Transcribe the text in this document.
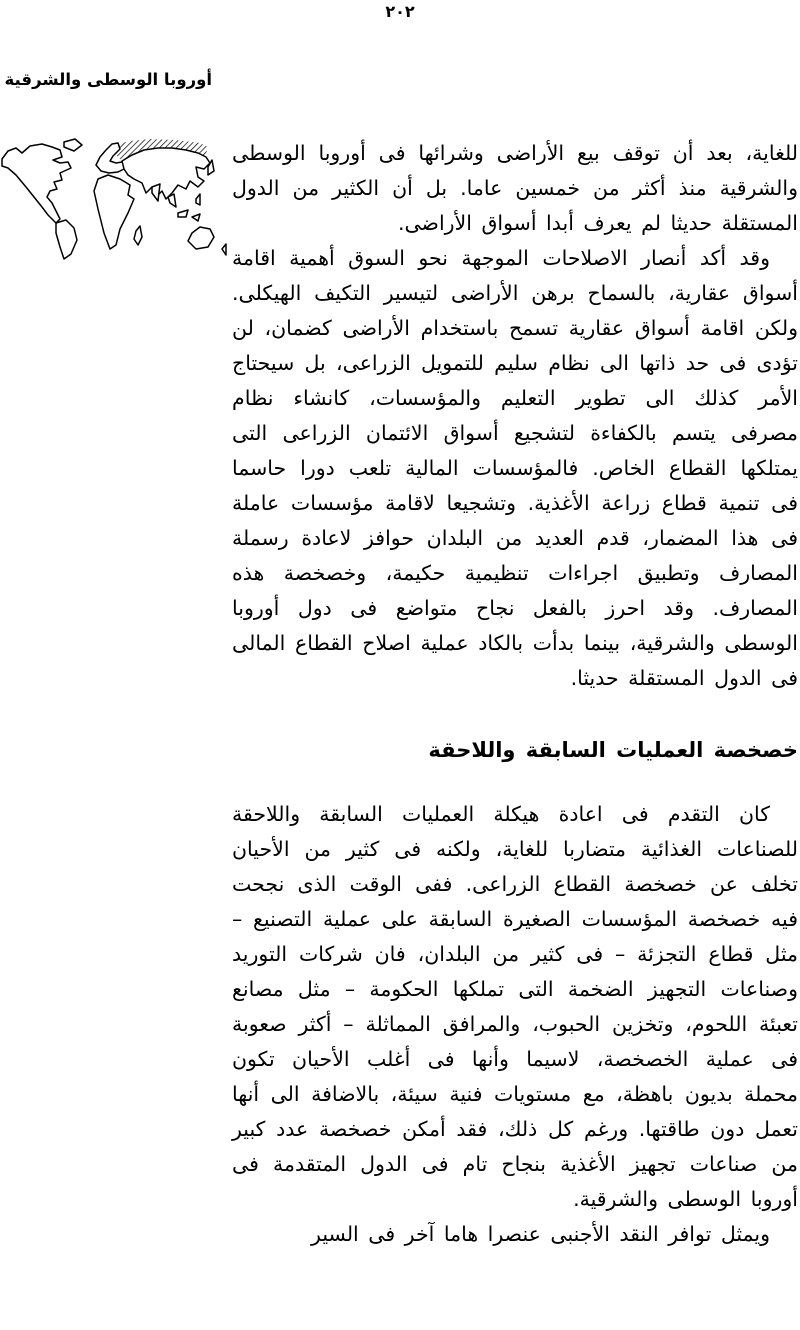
٢٠٢
أوروبا الوسطى والشرقية

للغاية، بعد أن توقف بيع الأراضى وشرائها فى أوروبا الوسطى والشرقية منذ أكثر من خمسين عاما. بل أن الكثير من الدول المستقلة حديثا لم يعرف أبدا أسواق الأراضى.

وقد أكد أنصار الاصلاحات الموجهة نحو السوق أهمية اقامة أسواق عقارية، بالسماح برهن الأراضى لتيسير التكيف الهيكلى. ولكن اقامة أسواق عقارية تسمح باستخدام الأراضى كضمان، لن تؤدى فى حد ذاتها الى نظام سليم للتمويل الزراعى، بل سيحتاج الأمر كذلك الى تطوير التعليم والمؤسسات، كانشاء نظام مصرفى يتسم بالكفاءة لتشجيع أسواق الائتمان الزراعى التى يمتلكها القطاع الخاص. فالمؤسسات المالية تلعب دورا حاسما فى تنمية قطاع زراعة الأغذية. وتشجيعا لاقامة مؤسسات عاملة فى هذا المضمار، قدم العديد من البلدان حوافز لاعادة رسملة المصارف وتطبيق اجراءات تنظيمية حكيمة، وخصخصة هذه المصارف. وقد احرز بالفعل نجاح متواضع فى دول أوروبا الوسطى والشرقية، بينما بدأت بالكاد عملية اصلاح القطاع المالى فى الدول المستقلة حديثا.

خصخصة العمليات السابقة واللاحقة

كان التقدم فى اعادة هيكلة العمليات السابقة واللاحقة للصناعات الغذائية متضاربا للغاية، ولكنه فى كثير من الأحيان تخلف عن خصخصة القطاع الزراعى. ففى الوقت الذى نجحت فيه خصخصة المؤسسات الصغيرة السابقة على عملية التصنيع – مثل قطاع التجزئة – فى كثير من البلدان، فان شركات التوريد وصناعات التجهيز الضخمة التى تملكها الحكومة – مثل مصانع تعبئة اللحوم، وتخزين الحبوب، والمرافق المماثلة – أكثر صعوبة فى عملية الخصخصة، لاسيما وأنها فى أغلب الأحيان تكون محملة بديون باهظة، مع مستويات فنية سيئة، بالاضافة الى أنها تعمل دون طاقتها. ورغم كل ذلك، فقد أمكن خصخصة عدد كبير من صناعات تجهيز الأغذية بنجاح تام فى الدول المتقدمة فى أوروبا الوسطى والشرقية.

ويمثل توافر النقد الأجنبى عنصرا هاما آخر فى السير
